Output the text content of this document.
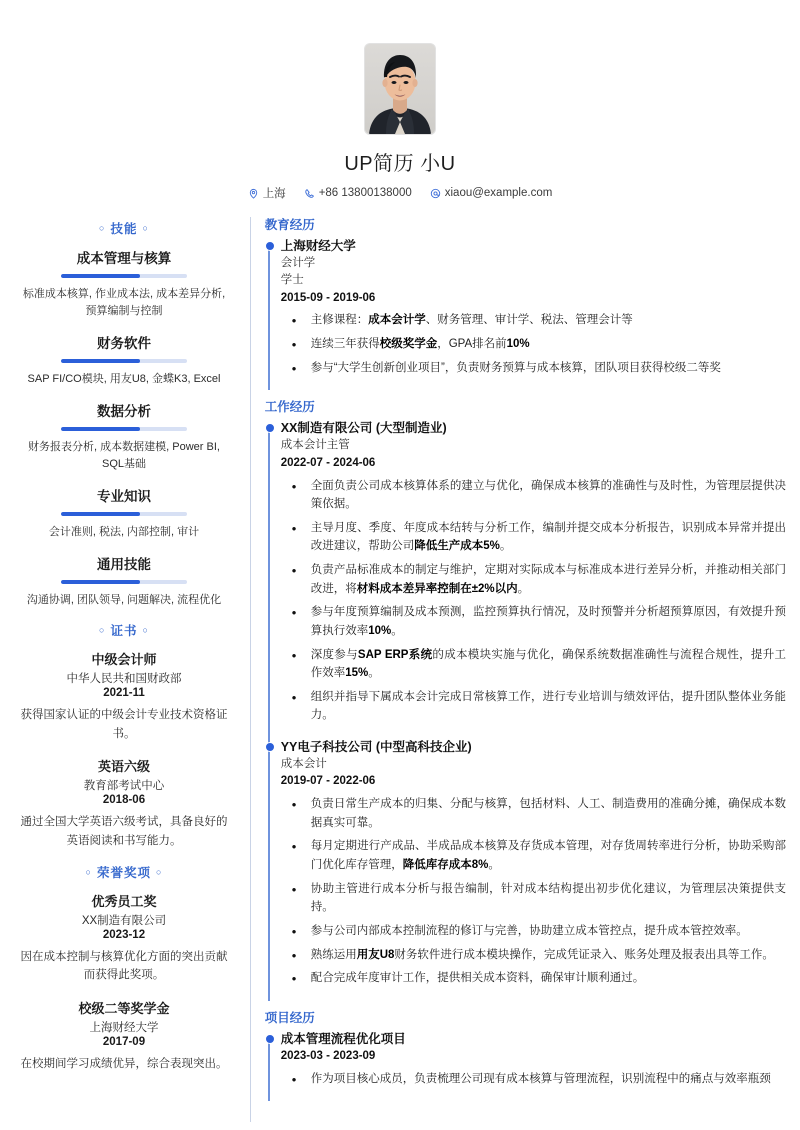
UP简历 小U
上海	+86 13800138000	xiaou@example.com
○ 技能 ○
成本管理与核算
标准成本核算, 作业成本法, 成本差异分析, 预算编制与控制
财务软件
SAP FI/CO模块, 用友U8, 金蝶K3, Excel
数据分析
财务报表分析, 成本数据建模, Power BI, SQL基础
专业知识
会计准则, 税法, 内部控制, 审计
通用技能
沟通协调, 团队领导, 问题解决, 流程优化
○ 证书 ○
中级会计师
中华人民共和国财政部
2021-11
获得国家认证的中级会计专业技术资格证书。
英语六级
教育部考试中心
2018-06
通过全国大学英语六级考试，具备良好的英语阅读和书写能力。
○ 荣誉奖项 ○
优秀员工奖
XX制造有限公司
2023-12
因在成本控制与核算优化方面的突出贡献而获得此奖项。
校级二等奖学金
上海财经大学
2017-09
在校期间学习成绩优异，综合表现突出。
教育经历
上海财经大学
会计学
学士
2015-09 - 2019-06
• 主修课程：成本会计学、财务管理、审计学、税法、管理会计等
• 连续三年获得校级奖学金，GPA排名前10%
• 参与“大学生创新创业项目”，负责财务预算与成本核算，团队项目获得校级二等奖
工作经历
XX制造有限公司 (大型制造业)
成本会计主管
2022-07 - 2024-06
• 全面负责公司成本核算体系的建立与优化，确保成本核算的准确性与及时性，为管理层提供决策依据。
• 主导月度、季度、年度成本结转与分析工作，编制并提交成本分析报告，识别成本异常并提出改进建议，帮助公司降低生产成本5%。
• 负责产品标准成本的制定与维护，定期对实际成本与标准成本进行差异分析，并推动相关部门改进，将材料成本差异率控制在±2%以内。
• 参与年度预算编制及成本预测，监控预算执行情况，及时预警并分析超预算原因，有效提升预算执行效率10%。
• 深度参与SAP ERP系统的成本模块实施与优化，确保系统数据准确性与流程合规性，提升工作效率15%。
• 组织并指导下属成本会计完成日常核算工作，进行专业培训与绩效评估，提升团队整体业务能力。
YY电子科技公司 (中型高科技企业)
成本会计
2019-07 - 2022-06
• 负责日常生产成本的归集、分配与核算，包括材料、人工、制造费用的准确分摊，确保成本数据真实可靠。
• 每月定期进行产成品、半成品成本核算及存货成本管理，对存货周转率进行分析，协助采购部门优化库存管理，降低库存成本8%。
• 协助主管进行成本分析与报告编制，针对成本结构提出初步优化建议，为管理层决策提供支持。
• 参与公司内部成本控制流程的修订与完善，协助建立成本管控点，提升成本管控效率。
• 熟练运用用友U8财务软件进行成本模块操作，完成凭证录入、账务处理及报表出具等工作。
• 配合完成年度审计工作，提供相关成本资料，确保审计顺利通过。
项目经历
成本管理流程优化项目
2023-03 - 2023-09
• 作为项目核心成员，负责梳理公司现有成本核算与管理流程，识别流程中的痛点与效率瓶颈
